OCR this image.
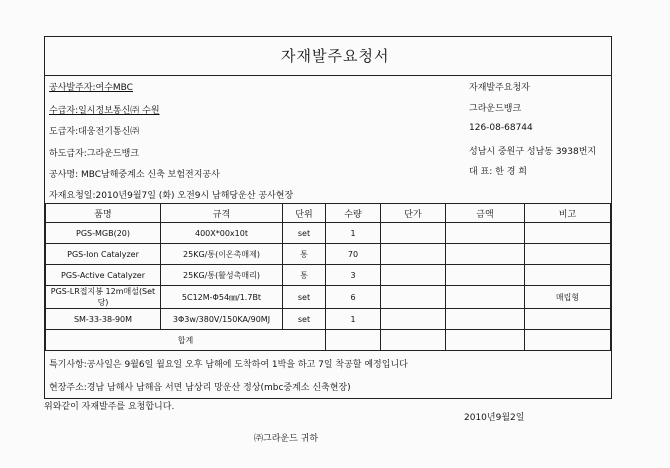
자재발주요청서
공사발주자:여수MBC
수급자:일시정보통신㈜ 수원
도급자:대웅전기통신㈜
하도급자:그라운드뱅크
공사명: MBC남해중계소 신축 보험전지공사
자재요청일:2010년9월7일 (화) 오전9시 남해당운산 공사현장
자재발주요청자
그라운드뱅크
126-08-68744
성남시 중원구 성남동 3938번지
대 표: 한 경 희
품명	규격	단위	수량	단가	금액	비고
PGS-MGB(20)	400X*00x10t	set	1			
PGS-Ion Catalyzer	25KG/통(이온촉매제)	통	70			
PGS-Active Catalyzer	25KG/통(활성촉매리)	통	3			
PGS-LR접지봉 12m매설(Set 당)	5C12M-Φ54㎜/1.7Bt	set	6			매립형
SM-33-38-90M	3Φ3w/380V/150KA/90MJ	set	1			
합계						
특기사항:공사일은 9월6일 월요일 오후 남해에 도착하여 1박을 하고 7일 착공할 예정입니다
현장주소:경남 남해사 남해읍 서면 남상리 망운산 정상(mbc중계소 신축현장)
위와같이 자재발주를 요청합니다.
2010년9월2일
㈜그라운드 귀하
